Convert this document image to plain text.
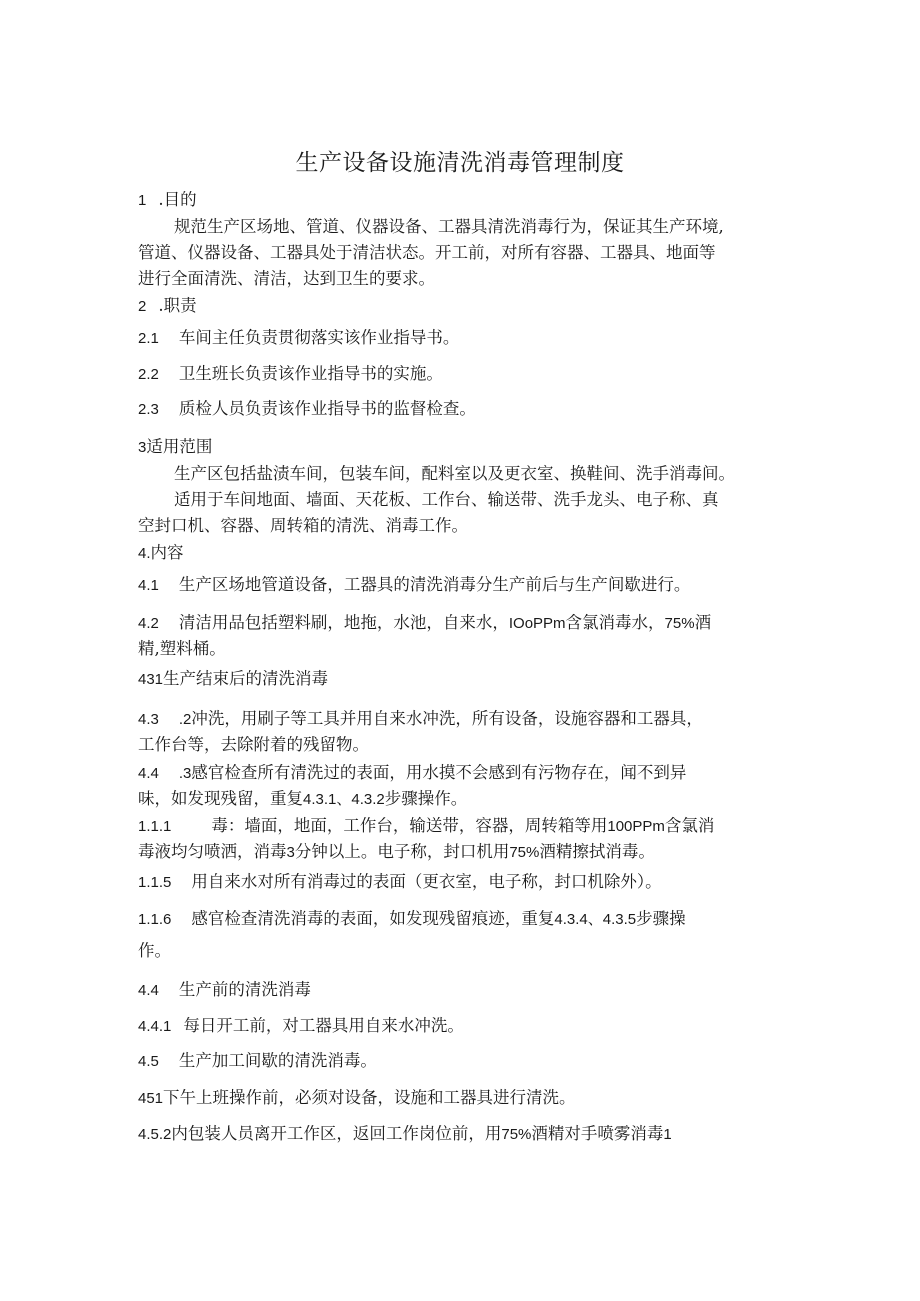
生产设备设施清洗消毒管理制度
1 .目的
规范生产区场地、管道、仪器设备、工器具清洗消毒行为，保证其生产环境,
管道、仪器设备、工器具处于清洁状态。开工前，对所有容器、工器具、地面等
进行全面清洗、清洁，达到卫生的要求。
2 .职责
2.1 车间主任负责贯彻落实该作业指导书。
2.2 卫生班长负责该作业指导书的实施。
2.3 质检人员负责该作业指导书的监督检查。
3适用范围
生产区包括盐渍车间，包装车间，配料室以及更衣室、换鞋间、洗手消毒间。
适用于车间地面、墙面、天花板、工作台、输送带、洗手龙头、电子称、真
空封口机、容器、周转箱的清洗、消毒工作。
4.内容
4.1 生产区场地管道设备，工器具的清洗消毒分生产前后与生产间歇进行。
4.2 清洁用品包括塑料刷，地拖，水池，自来水，IOoPPm含氯消毒水，75%酒
精,塑料桶。
431生产结束后的清洗消毒
4.3 .2冲洗，用刷子等工具并用自来水冲洗，所有设备，设施容器和工器具，
工作台等，去除附着的残留物。
4.4 .3感官检查所有清洗过的表面，用水摸不会感到有污物存在，闻不到异
味，如发现残留，重复4.3.1、4.3.2步骤操作。
1.1.1 毒：墙面，地面，工作台，输送带，容器，周转箱等用100PPm含氯消
毒液均匀喷洒，消毒3分钟以上。电子称，封口机用75%酒精擦拭消毒。
1.1.5 用自来水对所有消毒过的表面（更衣室，电子称，封口机除外）。
1.1.6 感官检查清洗消毒的表面，如发现残留痕迹，重复4.3.4、4.3.5步骤操
作。
4.4 生产前的清洗消毒
4.4.1 每日开工前，对工器具用自来水冲洗。
4.5 生产加工间歇的清洗消毒。
451下午上班操作前，必须对设备，设施和工器具进行清洗。
4.5.2内包装人员离开工作区，返回工作岗位前，用75%酒精对手喷雾消毒1
